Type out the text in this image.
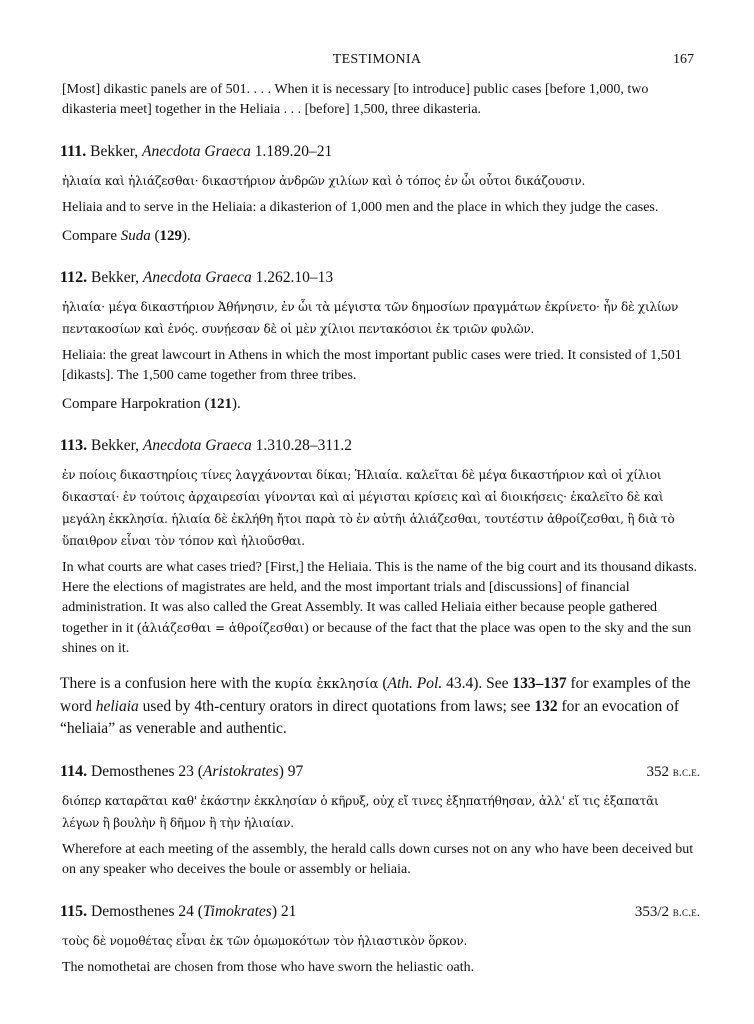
TESTIMONIA	167

[Most] dikastic panels are of 501. . . . When it is necessary [to introduce] public cases [before 1,000, two dikasteria meet] together in the Heliaia . . . [before] 1,500, three dikasteria.

111. Bekker, Anecdota Graeca 1.189.20–21

ἡλιαία καὶ ἡλιάζεσθαι· δικαστήριον ἀνδρῶν χιλίων καὶ ὁ τόπος ἐν ὧι οὗτοι δικάζουσιν.

Heliaia and to serve in the Heliaia: a dikasterion of 1,000 men and the place in which they judge the cases.

Compare Suda (129).

112. Bekker, Anecdota Graeca 1.262.10–13

ἡλιαία· μέγα δικαστήριον Ἀθήνησιν, ἐν ὧι τὰ μέγιστα τῶν δημοσίων πραγμάτων ἐκρίνετο· ἦν δὲ χιλίων πεντακοσίων καὶ ἑνός. συνῄεσαν δὲ οἱ μὲν χίλιοι πεντακόσιοι ἐκ τριῶν φυλῶν.

Heliaia: the great lawcourt in Athens in which the most important public cases were tried. It consisted of 1,501 [dikasts]. The 1,500 came together from three tribes.

Compare Harpokration (121).

113. Bekker, Anecdota Graeca 1.310.28–311.2

ἐν ποίοις δικαστηρίοις τίνες λαγχάνονται δίκαι; Ἡλιαία. καλεῖται δὲ μέγα δικαστήριον καὶ οἱ χίλιοι δικασταί· ἐν τούτοις ἀρχαιρεσίαι γίνονται καὶ αἱ μέγισται κρίσεις καὶ αἱ διοικήσεις· ἐκαλεῖτο δὲ καὶ μεγάλη ἐκκλησία. ἡλιαία δὲ ἐκλήθη ἤτοι παρὰ τὸ ἐν αὐτῆι ἁλιάζεσθαι, τουτέστιν ἀθροίζεσθαι, ἢ διὰ τὸ ὕπαιθρον εἶναι τὸν τόπον καὶ ἡλιοῦσθαι.

In what courts are what cases tried? [First,] the Heliaia. This is the name of the big court and its thousand dikasts. Here the elections of magistrates are held, and the most important trials and [discussions] of financial administration. It was also called the Great Assembly. It was called Heliaia either because people gathered together in it (ἁλιάζεσθαι = ἀθροίζεσθαι) or because of the fact that the place was open to the sky and the sun shines on it.

There is a confusion here with the κυρία ἐκκλησία (Ath. Pol. 43.4). See 133–137 for examples of the word heliaia used by 4th-century orators in direct quotations from laws; see 132 for an evocation of “heliaia” as venerable and authentic.

114. Demosthenes 23 (Aristokrates) 97	352 b.c.e.

διόπερ καταρᾶται καθ' ἑκάστην ἐκκλησίαν ὁ κῆρυξ, οὐχ εἴ τινες ἐξηπατήθησαν, ἀλλ' εἴ τις ἐξαπατᾶι λέγων ἢ βουλὴν ἢ δῆμον ἢ τὴν ἡλιαίαν.

Wherefore at each meeting of the assembly, the herald calls down curses not on any who have been deceived but on any speaker who deceives the boule or assembly or heliaia.

115. Demosthenes 24 (Timokrates) 21	353/2 b.c.e.

τοὺς δὲ νομοθέτας εἶναι ἐκ τῶν ὀμωμοκότων τὸν ἡλιαστικὸν ὅρκον.

The nomothetai are chosen from those who have sworn the heliastic oath.
